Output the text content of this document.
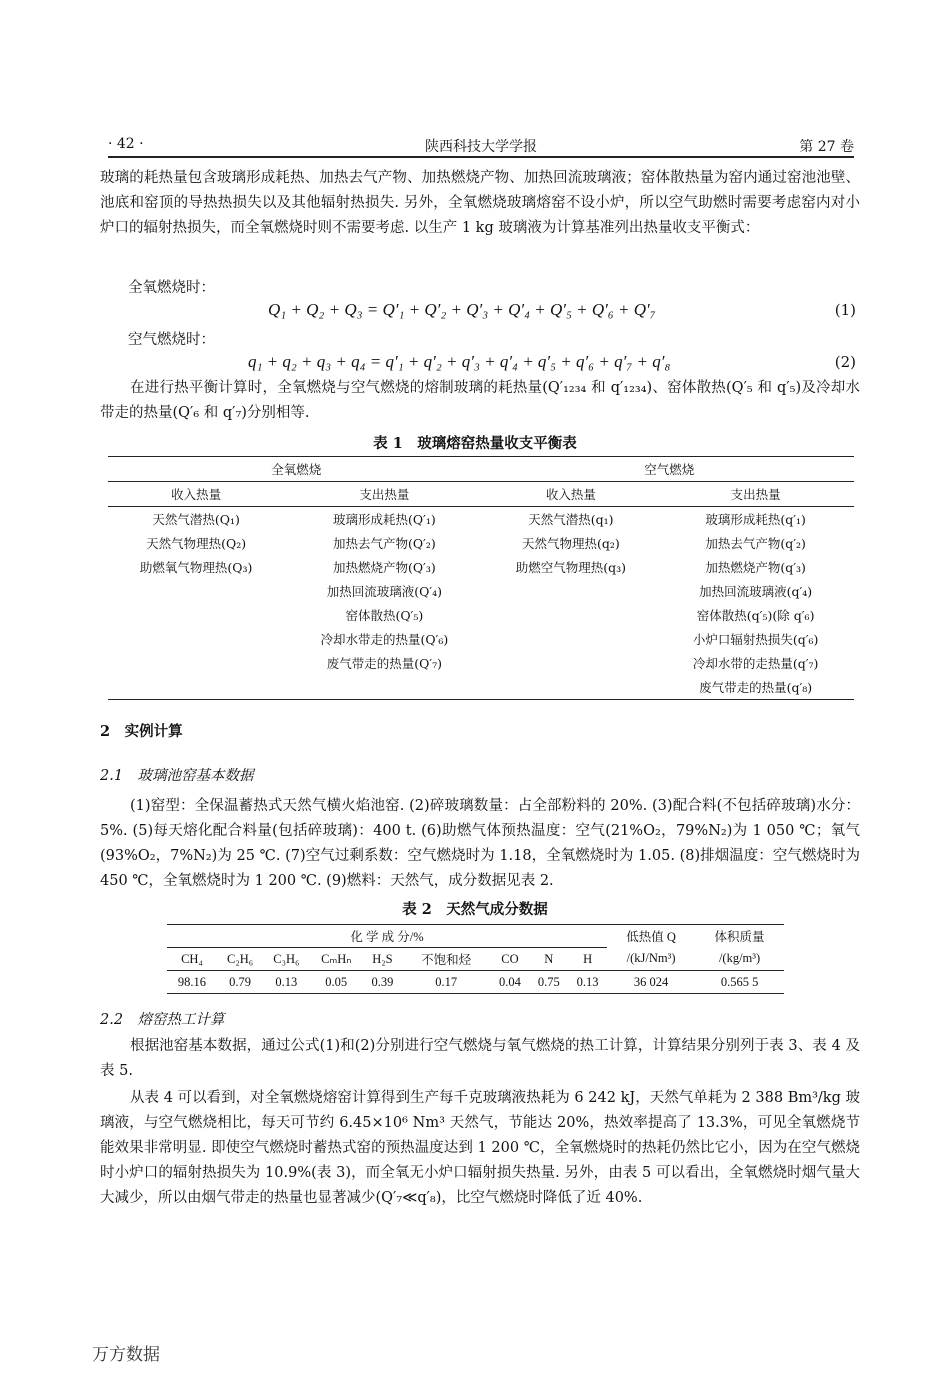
· 42 ·	陕西科技大学学报	第 27 卷
玻璃的耗热量包含玻璃形成耗热、加热去气产物、加热燃烧产物、加热回流玻璃液；窑体散热量为窑内通过窑池池壁、池底和窑顶的导热热损失以及其他辐射热损失. 另外，全氧燃烧玻璃熔窑不设小炉，所以空气助燃时需要考虑窑内对小炉口的辐射热损失，而全氧燃烧时则不需要考虑. 以生产 1 kg 玻璃液为计算基准列出热量收支平衡式：
全氧燃烧时：
Q₁ + Q₂ + Q₃ = Q′₁ + Q′₂ + Q′₃ + Q′₄ + Q′₅ + Q′₆ + Q′₇	(1)
空气燃烧时：
q₁ + q₂ + q₃ + q₄ = q′₁ + q′₂ + q′₃ + q′₄ + q′₅ + q′₆ + q′₇ + q′₈	(2)
在进行热平衡计算时，全氧燃烧与空气燃烧的熔制玻璃的耗热量(Q′₁₂₃₄ 和 q′₁₂₃₄)、窑体散热(Q′₅ 和 q′₅)及冷却水带走的热量(Q′₆ 和 q′₇)分别相等.
表 1　玻璃熔窑热量收支平衡表
全氧燃烧		空气燃烧	
收入热量	支出热量	收入热量	支出热量
天然气潜热(Q₁)	玻璃形成耗热(Q′₁)	天然气潜热(q₁)	玻璃形成耗热(q′₁)
天然气物理热(Q₂)	加热去气产物(Q′₂)	天然气物理热(q₂)	加热去气产物(q′₂)
助燃氧气物理热(Q₃)	加热燃烧产物(Q′₃)	助燃空气物理热(q₃)	加热燃烧产物(q′₃)
	加热回流玻璃液(Q′₄)		加热回流玻璃液(q′₄)
	窑体散热(Q′₅)		窑体散热(q′₅)(除 q′₆)
	冷却水带走的热量(Q′₆)		小炉口辐射热损失(q′₆)
	废气带走的热量(Q′₇)		冷却水带的走热量(q′₇)
			废气带走的热量(q′₈)
2　实例计算
2.1　玻璃池窑基本数据
(1)窑型：全保温蓄热式天然气横火焰池窑. (2)碎玻璃数量：占全部粉料的 20%. (3)配合料(不包括碎玻璃)水分：5%. (5)每天熔化配合料量(包括碎玻璃)：400 t. (6)助燃气体预热温度：空气(21%O₂，79%N₂)为 1 050 ℃；氧气(93%O₂，7%N₂)为 25 ℃. (7)空气过剩系数：空气燃烧时为 1.18，全氧燃烧时为 1.05. (8)排烟温度：空气燃烧时为 450 ℃，全氧燃烧时为 1 200 ℃. (9)燃料：天然气，成分数据见表 2.
表 2　天然气成分数据
化 学 成 分/%									低热值 Q	体积质量
CH₄	C₂H₆	C₃H₆	CₘHₙ	H₂S	不饱和烃	CO	N	H	/(kJ/Nm³)	/(kg/m³)
98.16	0.79	0.13	0.05	0.39	0.17	0.04	0.75	0.13	36 024	0.565 5
2.2　熔窑热工计算
根据池窑基本数据，通过公式(1)和(2)分别进行空气燃烧与氧气燃烧的热工计算，计算结果分别列于表 3、表 4 及表 5.
从表 4 可以看到，对全氧燃烧熔窑计算得到生产每千克玻璃液热耗为 6 242 kJ，天然气单耗为 2 388 Bm³/kg 玻璃液，与空气燃烧相比，每天可节约 6.45×10⁶ Nm³ 天然气，节能达 20%，热效率提高了 13.3%，可见全氧燃烧节能效果非常明显. 即使空气燃烧时蓄热式窑的预热温度达到 1 200 ℃，全氧燃烧时的热耗仍然比它小，因为在空气燃烧时小炉口的辐射热损失为 10.9%(表 3)，而全氧无小炉口辐射损失热量. 另外，由表 5 可以看出，全氧燃烧时烟气量大大减少，所以由烟气带走的热量也显著减少(Q′₇≪q′₈)，比空气燃烧时降低了近 40%.
万方数据
